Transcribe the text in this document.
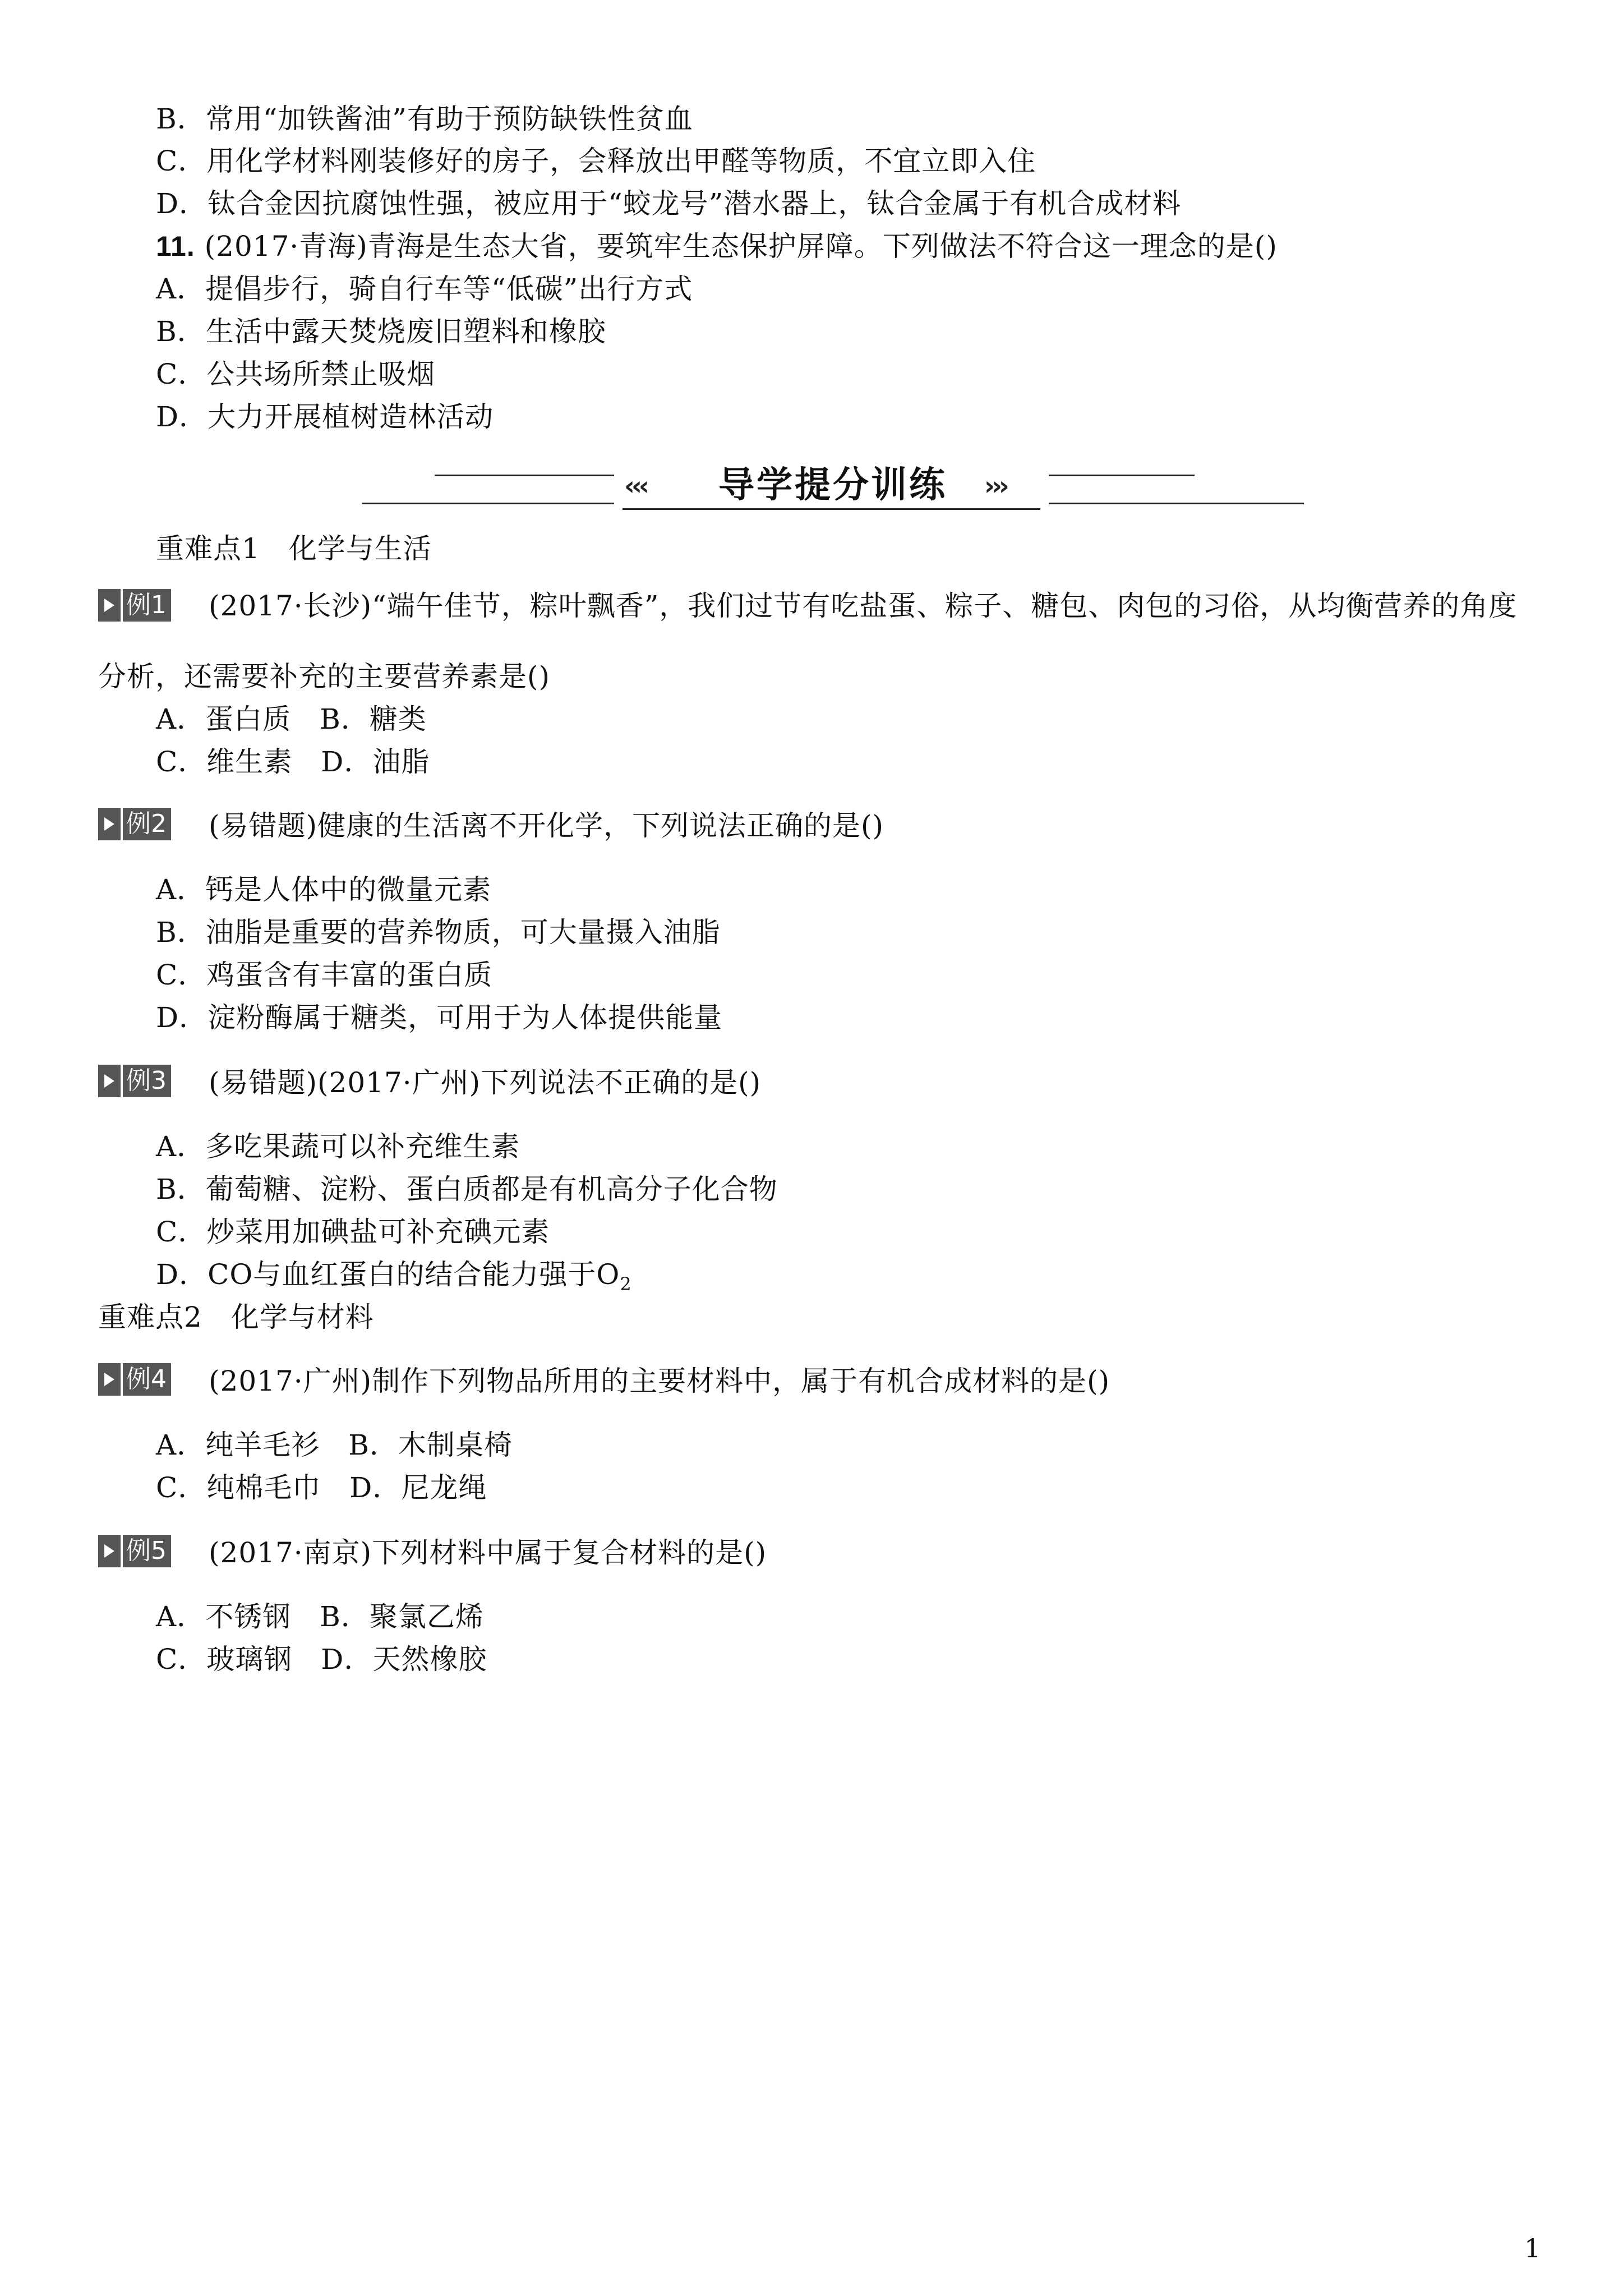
B．常用“加铁酱油”有助于预防缺铁性贫血
C．用化学材料刚装修好的房子，会释放出甲醛等物质，不宜立即入住
D．钛合金因抗腐蚀性强，被应用于“蛟龙号”潜水器上，钛合金属于有机合成材料
11. (2017·青海)青海是生态大省，要筑牢生态保护屏障。下列做法不符合这一理念的是()
A．提倡步行，骑自行车等“低碳”出行方式
B．生活中露天焚烧废旧塑料和橡胶
C．公共场所禁止吸烟
D．大力开展植树造林活动
‹‹‹	导学提分训练	›››
重难点1　化学与生活
例1 (2017·长沙)“端午佳节，粽叶飘香”，我们过节有吃盐蛋、粽子、糖包、肉包的习俗，从均衡营养的角度
分析，还需要补充的主要营养素是()
A．蛋白质　B．糖类
C．维生素　D．油脂
例2 (易错题)健康的生活离不开化学，下列说法正确的是()
A．钙是人体中的微量元素
B．油脂是重要的营养物质，可大量摄入油脂
C．鸡蛋含有丰富的蛋白质
D．淀粉酶属于糖类，可用于为人体提供能量
例3 (易错题)(2017·广州)下列说法不正确的是()
A．多吃果蔬可以补充维生素
B．葡萄糖、淀粉、蛋白质都是有机高分子化合物
C．炒菜用加碘盐可补充碘元素
D．CO与血红蛋白的结合能力强于$O_2$
重难点2　化学与材料
例4 (2017·广州)制作下列物品所用的主要材料中，属于有机合成材料的是()
A．纯羊毛衫　B．木制桌椅
C．纯棉毛巾　D．尼龙绳
例5 (2017·南京)下列材料中属于复合材料的是()
A．不锈钢　B．聚氯乙烯
C．玻璃钢　D．天然橡胶
1
